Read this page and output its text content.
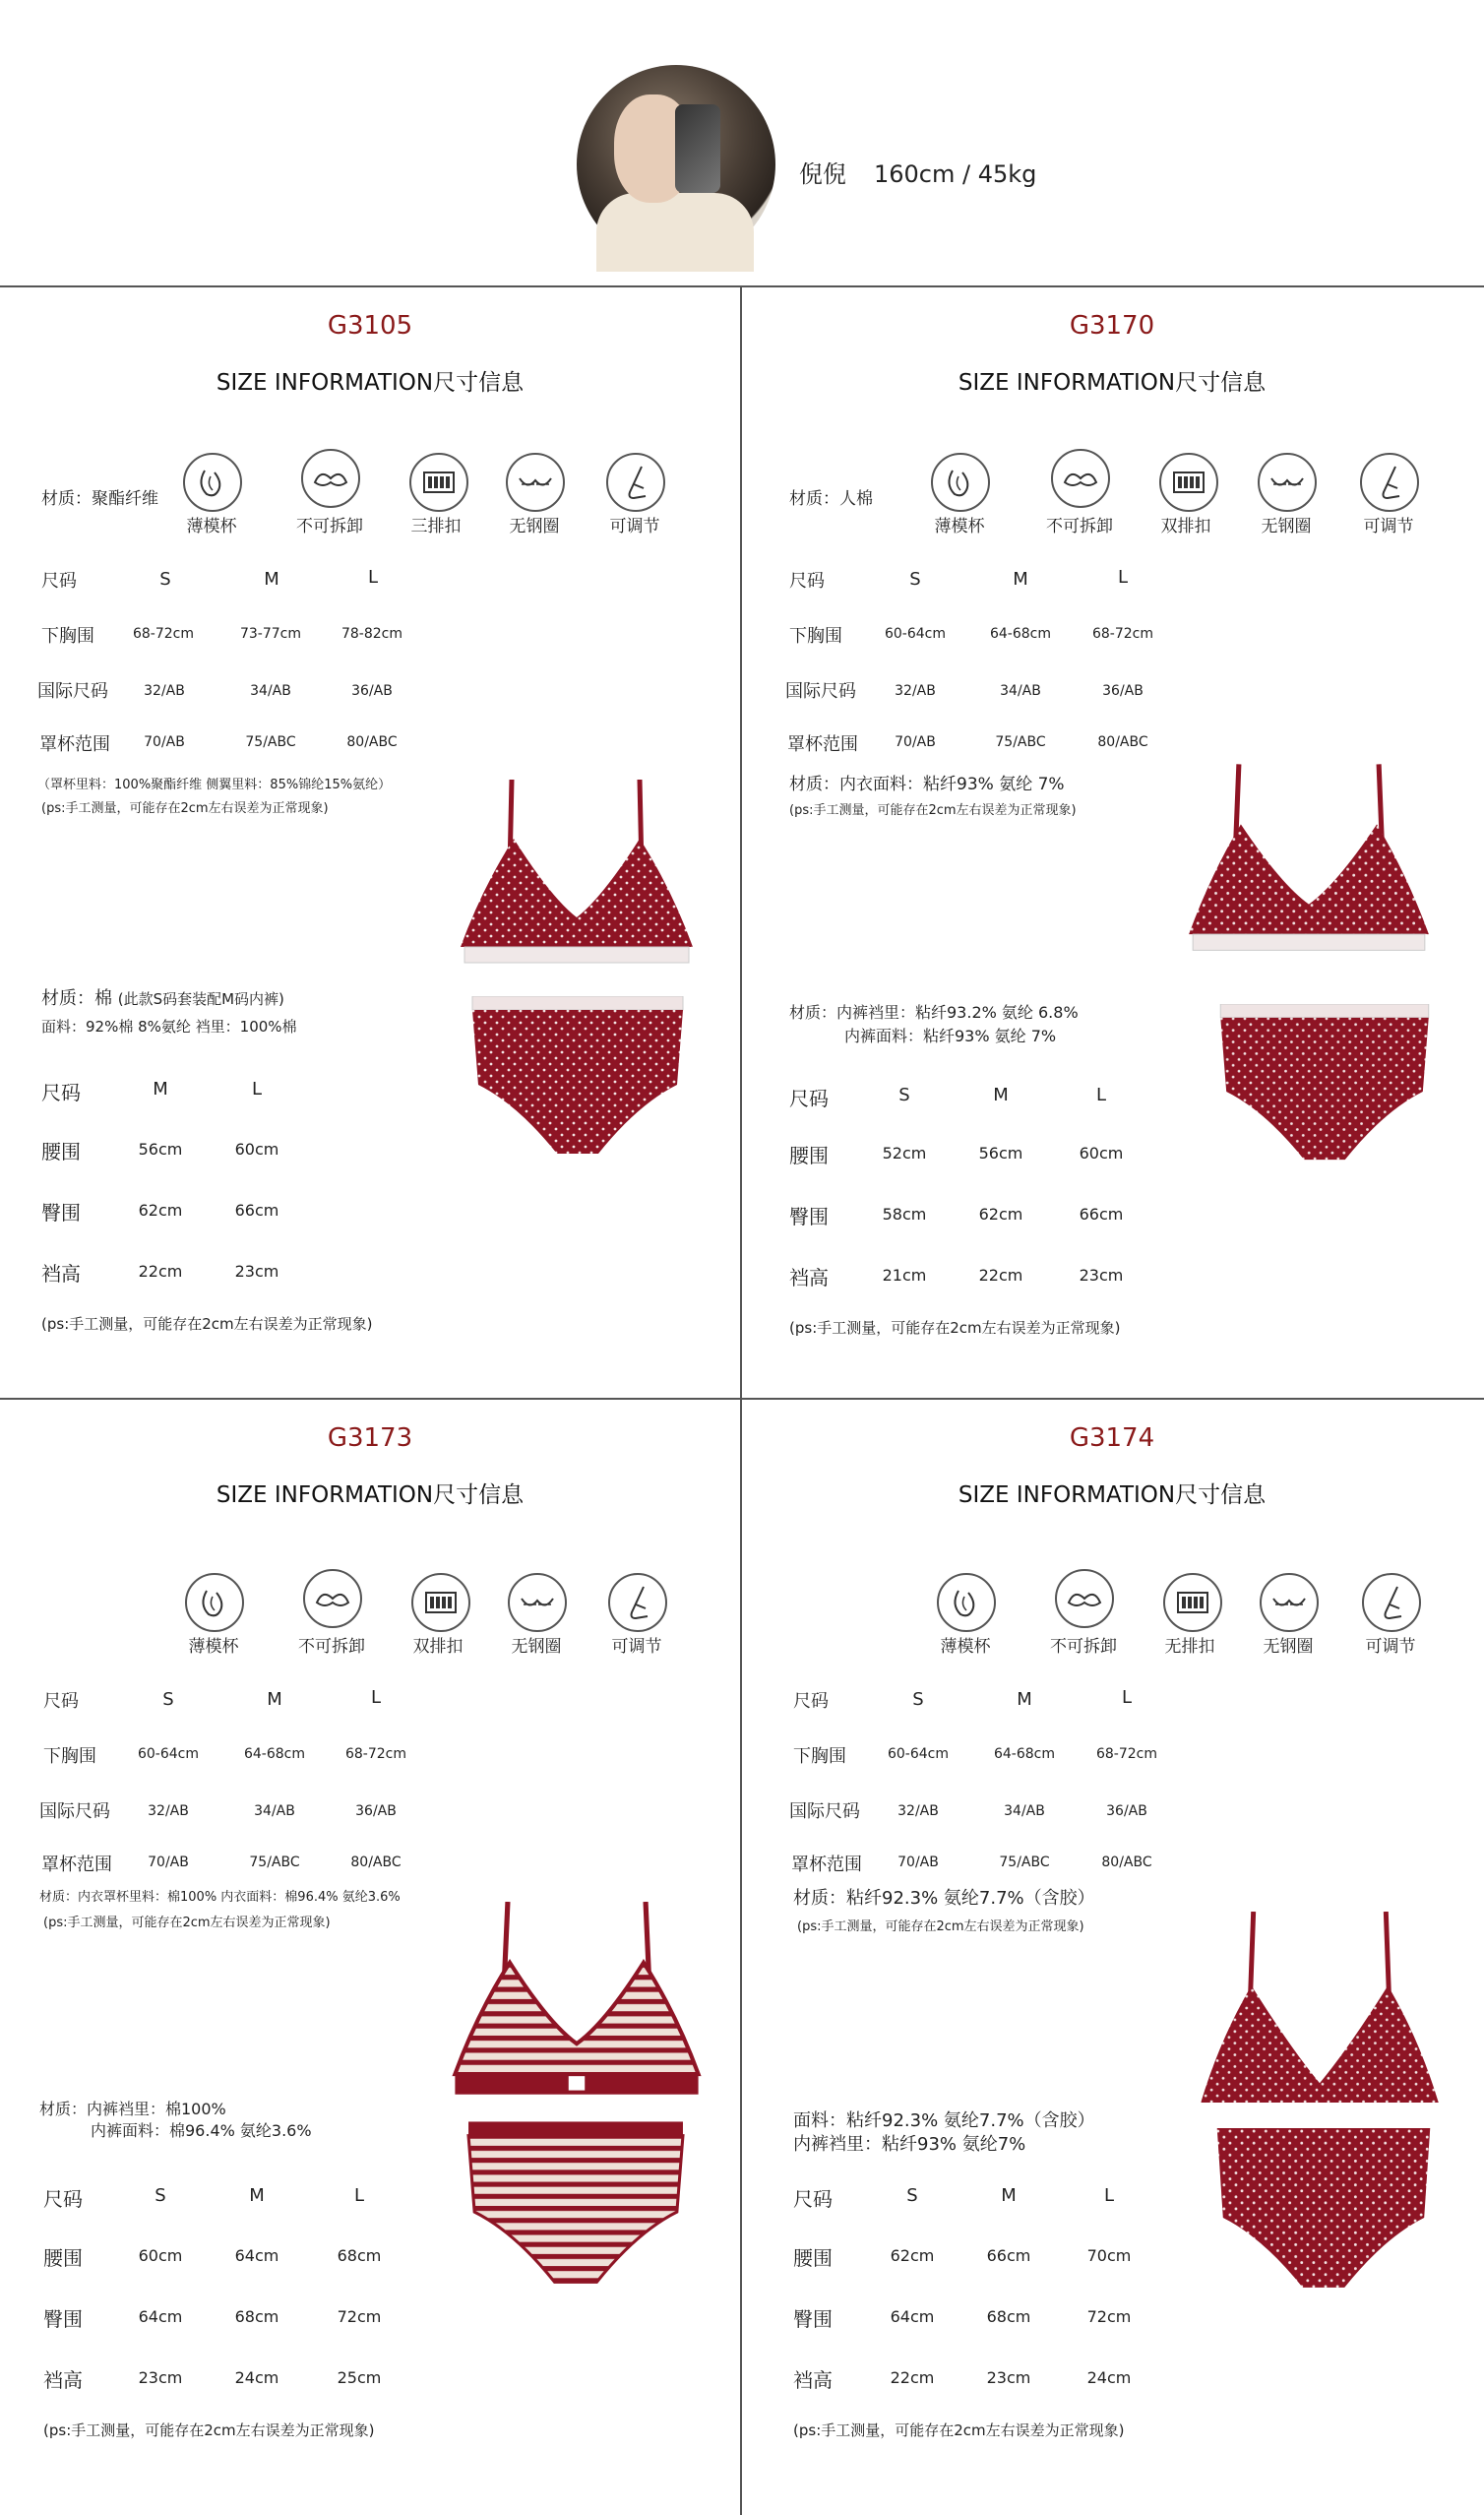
倪倪 160cm / 45kg
G3105
SIZE INFORMATION尺寸信息
材质：聚酯纤维
薄模杯	不可拆卸	三排扣	无钢圈	可调节
尺码	S	M	L
下胸围	68-72cm	73-77cm	78-82cm
国际尺码	32/AB	34/AB	36/AB
罩杯范围	70/AB	75/ABC	80/ABC
（罩杯里料：100%聚酯纤维 侧翼里料：85%锦纶15%氨纶）
(ps:手工测量，可能存在2cm左右误差为正常现象)
材质：棉 (此款S码套装配M码内裤)
面料：92%棉 8%氨纶 裆里：100%棉
尺码	M	L
腰围	56cm	60cm
臀围	62cm	66cm
裆高	22cm	23cm
(ps:手工测量，可能存在2cm左右误差为正常现象)
G3170
SIZE INFORMATION尺寸信息
材质：人棉
薄模杯	不可拆卸	双排扣	无钢圈	可调节
尺码	S	M	L
下胸围	60-64cm	64-68cm	68-72cm
国际尺码	32/AB	34/AB	36/AB
罩杯范围	70/AB	75/ABC	80/ABC
材质：内衣面料：粘纤93% 氨纶 7%
(ps:手工测量，可能存在2cm左右误差为正常现象)
材质：内裤裆里：粘纤93.2% 氨纶 6.8%
内裤面料：粘纤93% 氨纶 7%
尺码	S	M	L
腰围	52cm	56cm	60cm
臀围	58cm	62cm	66cm
裆高	21cm	22cm	23cm
(ps:手工测量，可能存在2cm左右误差为正常现象)
G3173
SIZE INFORMATION尺寸信息
薄模杯	不可拆卸	双排扣	无钢圈	可调节
尺码	S	M	L
下胸围	60-64cm	64-68cm	68-72cm
国际尺码	32/AB	34/AB	36/AB
罩杯范围	70/AB	75/ABC	80/ABC
材质：内衣罩杯里料：棉100% 内衣面料：棉96.4% 氨纶3.6%
(ps:手工测量，可能存在2cm左右误差为正常现象)
材质：内裤裆里：棉100%
内裤面料：棉96.4% 氨纶3.6%
尺码	S	M	L
腰围	60cm	64cm	68cm
臀围	64cm	68cm	72cm
裆高	23cm	24cm	25cm
(ps:手工测量，可能存在2cm左右误差为正常现象)
G3174
SIZE INFORMATION尺寸信息
薄模杯	不可拆卸	无排扣	无钢圈	可调节
尺码	S	M	L
下胸围	60-64cm	64-68cm	68-72cm
国际尺码	32/AB	34/AB	36/AB
罩杯范围	70/AB	75/ABC	80/ABC
材质：粘纤92.3% 氨纶7.7%（含胶）
(ps:手工测量，可能存在2cm左右误差为正常现象)
面料：粘纤92.3% 氨纶7.7%（含胶）
内裤裆里：粘纤93% 氨纶7%
尺码	S	M	L
腰围	62cm	66cm	70cm
臀围	64cm	68cm	72cm
裆高	22cm	23cm	24cm
(ps:手工测量，可能存在2cm左右误差为正常现象)
